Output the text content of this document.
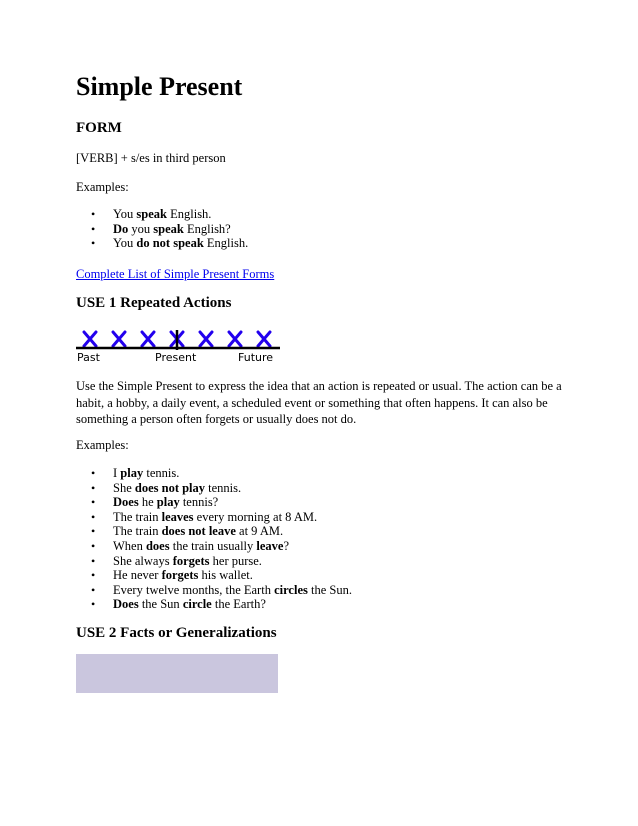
Simple Present
FORM
[VERB] + s/es in third person
Examples:
• You speak English.
• Do you speak English?
• You do not speak English.
Complete List of Simple Present Forms
USE 1 Repeated Actions
Use the Simple Present to express the idea that an action is repeated or usual. The action can be a habit, a hobby, a daily event, a scheduled event or something that often happens. It can also be something a person often forgets or usually does not do.
Examples:
• I play tennis.
• She does not play tennis.
• Does he play tennis?
• The train leaves every morning at 8 AM.
• The train does not leave at 9 AM.
• When does the train usually leave?
• She always forgets her purse.
• He never forgets his wallet.
• Every twelve months, the Earth circles the Sun.
• Does the Sun circle the Earth?
USE 2 Facts or Generalizations
Past	Present	Future
